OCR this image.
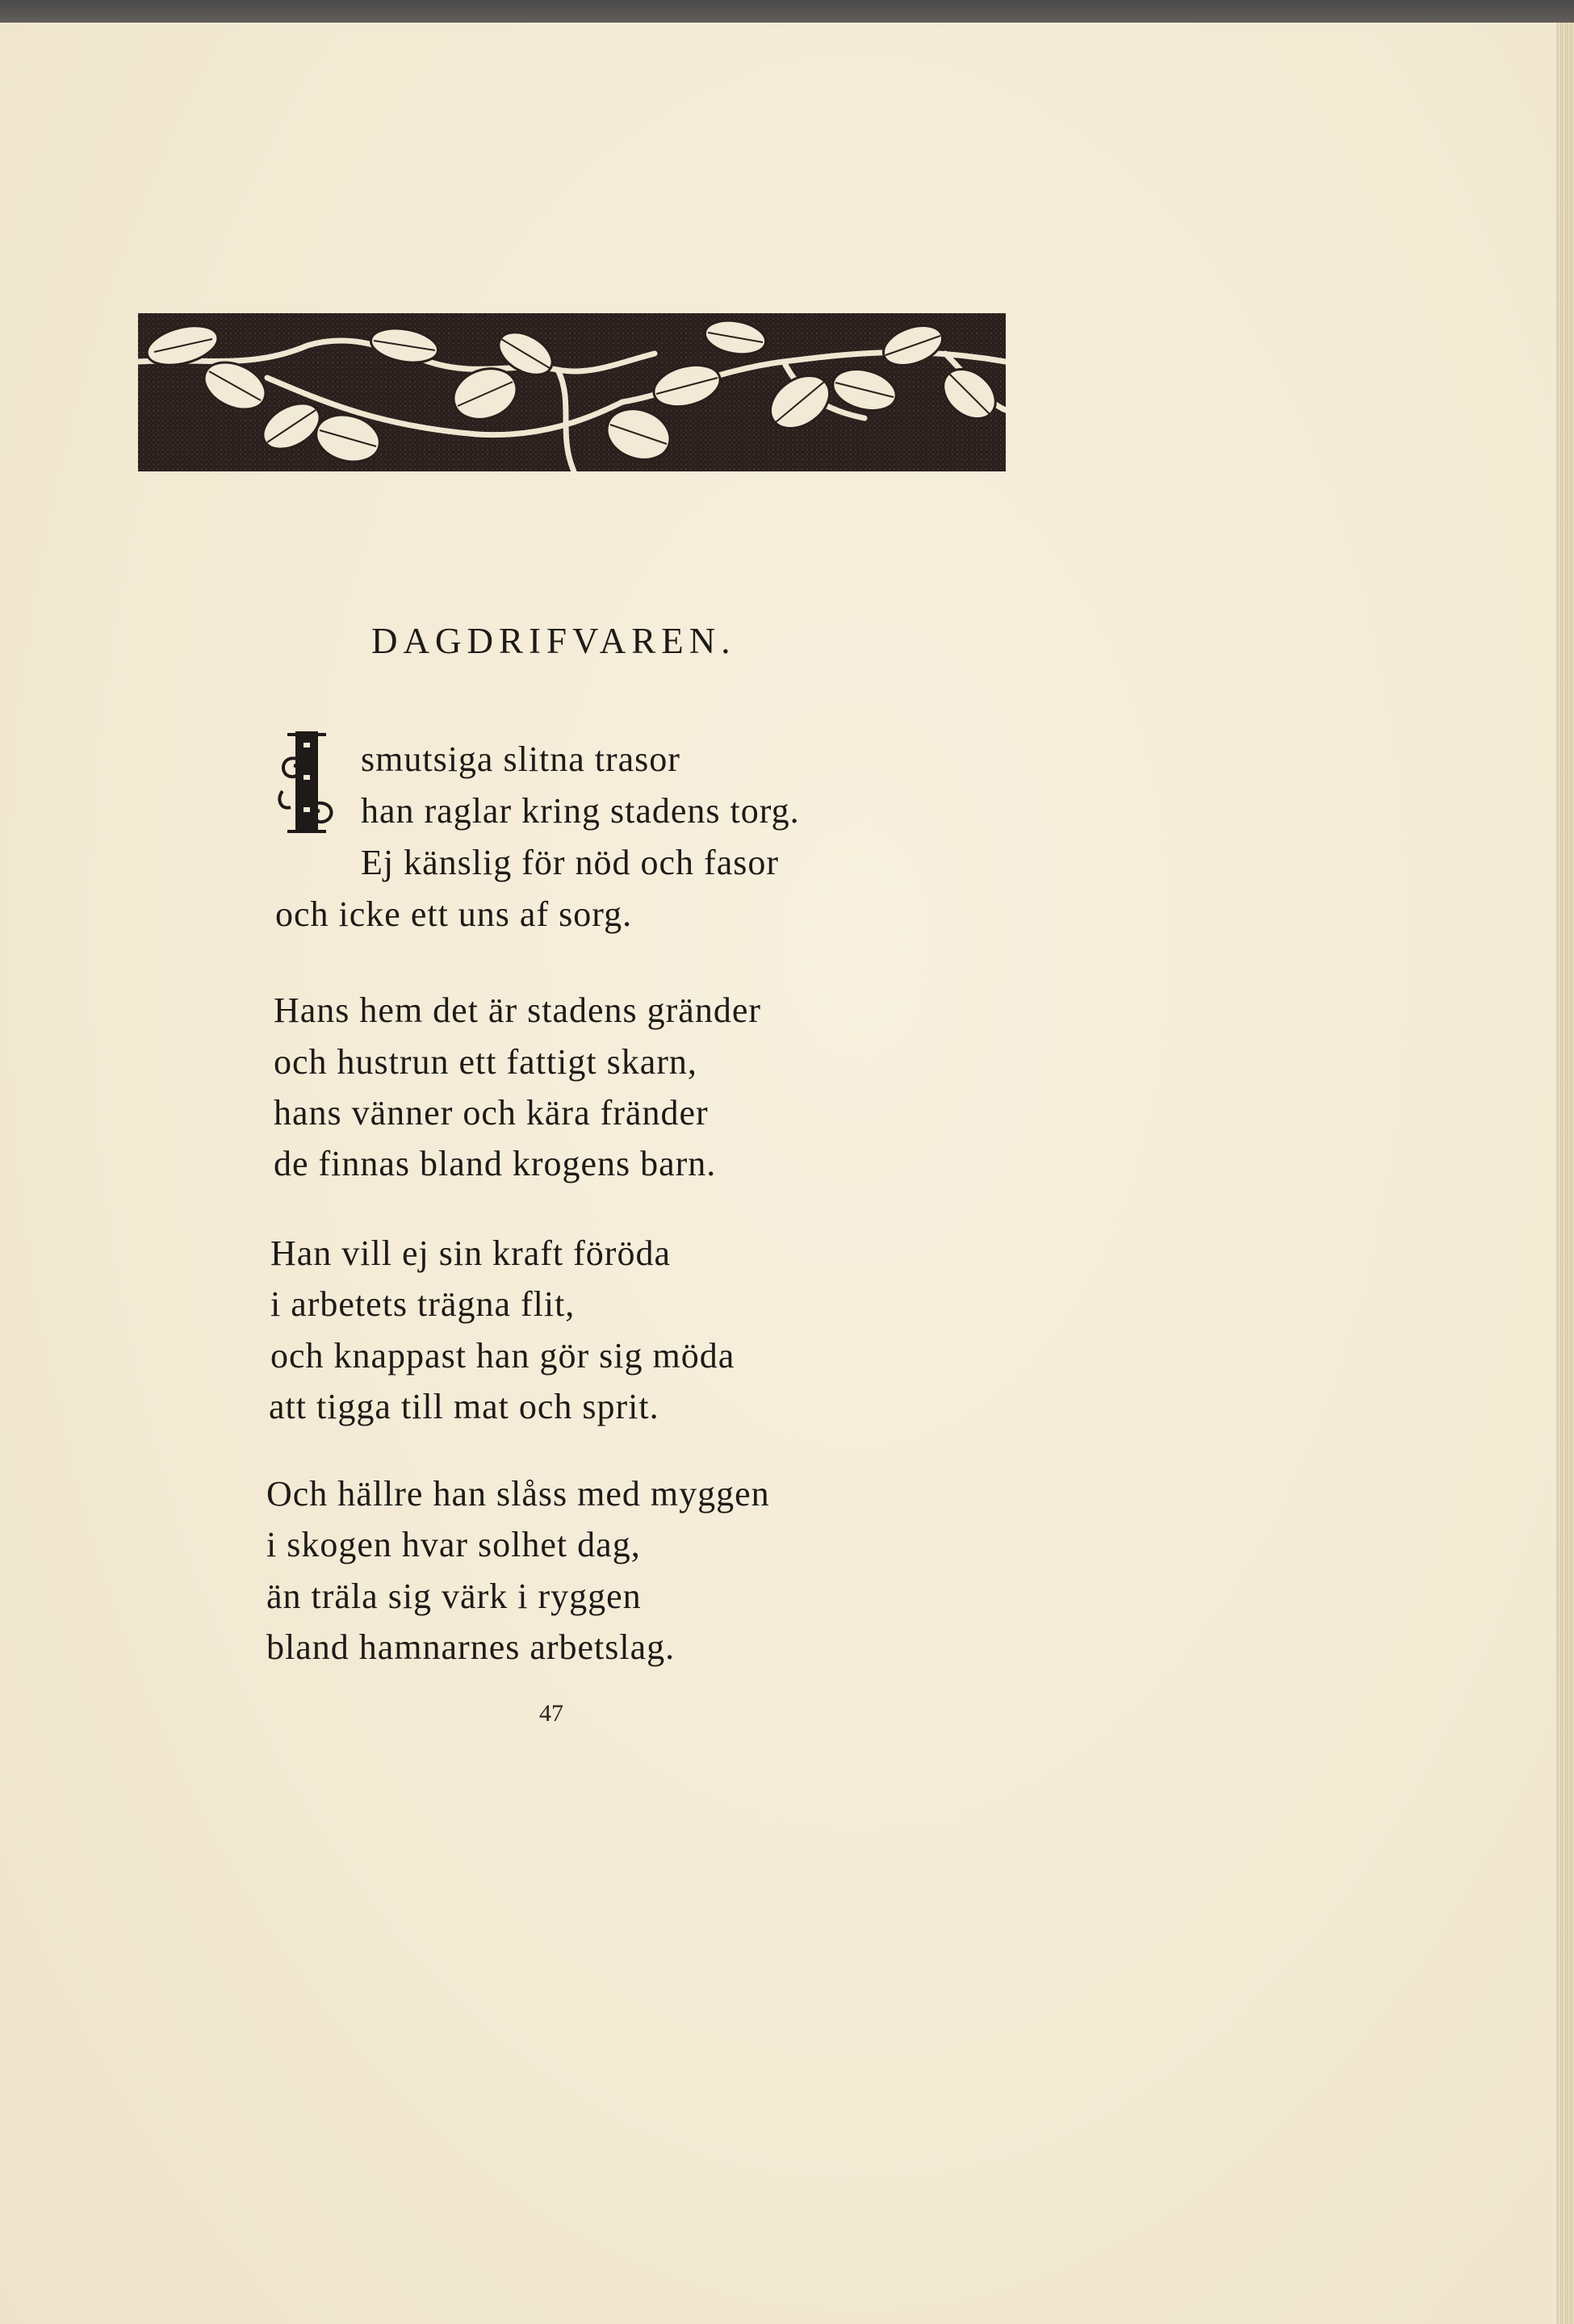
DAGDRIFVAREN.
smutsiga slitna trasor
han raglar kring stadens torg.
Ej känslig för nöd och fasor
och icke ett uns af sorg.
Hans hem det är stadens gränder
och hustrun ett fattigt skarn,
hans vänner och kära fränder
de finnas bland krogens barn.
Han vill ej sin kraft föröda
i arbetets trägna flit,
och knappast han gör sig möda
att tigga till mat och sprit.
Och hällre han slåss med myggen
i skogen hvar solhet dag,
än träla sig värk i ryggen
bland hamnarnes arbetslag.
47
